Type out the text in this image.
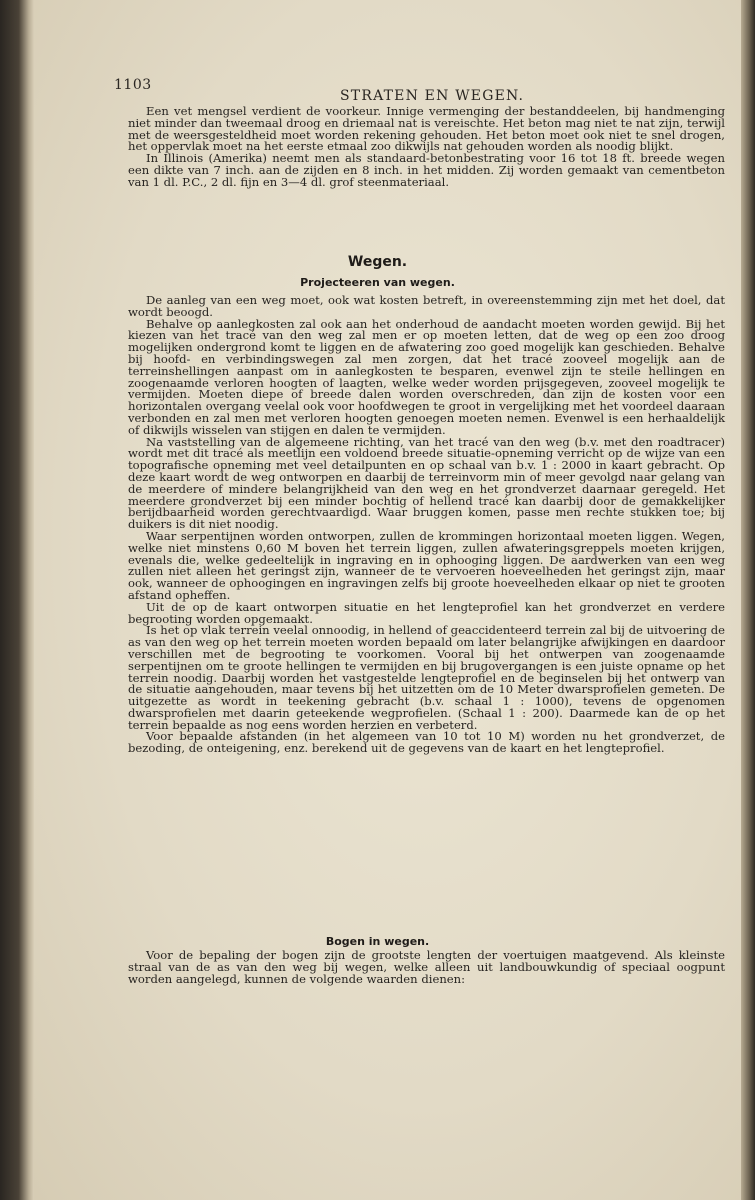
1103
STRATEN EN WEGEN.

Een vet mengsel verdient de voorkeur. Innige vermenging der bestanddeelen, bij handmenging niet minder dan tweemaal droog en driemaal nat is vereischte. Het beton mag niet te nat zijn, terwijl met de weersgesteldheid moet worden rekening gehouden. Het beton moet ook niet te snel drogen, het oppervlak moet na het eerste etmaal zoo dikwijls nat gehouden worden als noodig blijkt.

In Illinois (Amerika) neemt men als standaard-betonbestrating voor 16 tot 18 ft. breede wegen een dikte van 7 inch. aan de zijden en 8 inch. in het midden. Zij worden gemaakt van cementbeton van 1 dl. P.C., 2 dl. fijn en 3—4 dl. grof steenmateriaal.

Wegen.
Projecteeren van wegen.

De aanleg van een weg moet, ook wat kosten betreft, in overeenstemming zijn met het doel, dat wordt beoogd.

Behalve op aanlegkosten zal ook aan het onderhoud de aandacht moeten worden gewijd. Bij het kiezen van het tracé van den weg zal men er op moeten letten, dat de weg op een zoo droog mogelijken ondergrond komt te liggen en de afwatering zoo goed mogelijk kan geschieden. Behalve bij hoofd- en verbindingswegen zal men zorgen, dat het tracé zooveel mogelijk aan de terreinshellingen aanpast om in aanlegkosten te besparen, evenwel zijn te steile hellingen en zoogenaamde verloren hoogten of laagten, welke weder worden prijsgegeven, zooveel mogelijk te vermijden. Moeten diepe of breede dalen worden overschreden, dan zijn de kosten voor een horizontalen overgang veelal ook voor hoofdwegen te groot in vergelijking met het voordeel daaraan verbonden en zal men met verloren hoogten genoegen moeten nemen. Evenwel is een herhaaldelijk of dikwijls wisselen van stijgen en dalen te vermijden.

Na vaststelling van de algemeene richting, van het tracé van den weg (b.v. met den roadtracer) wordt met dit tracé als meetlijn een voldoend breede situatie-opneming verricht op de wijze van een topografische opneming met veel detailpunten en op schaal van b.v. 1 : 2000 in kaart gebracht. Op deze kaart wordt de weg ontworpen en daarbij de terreinvorm min of meer gevolgd naar gelang van de meerdere of mindere belangrijkheid van den weg en het grondverzet daarnaar geregeld. Het meerdere grondverzet bij een minder bochtig of hellend tracé kan daarbij door de gemakkelijker berijdbaarheid worden gerechtvaardigd. Waar bruggen komen, passe men rechte stukken toe; bij duikers is dit niet noodig.

Waar serpentijnen worden ontworpen, zullen de krommingen horizontaal moeten liggen. Wegen, welke niet minstens 0,60 M boven het terrein liggen, zullen afwateringsgreppels moeten krijgen, evenals die, welke gedeeltelijk in ingraving en in ophooging liggen. De aardwerken van een weg zullen niet alleen het geringst zijn, wanneer de te vervoeren hoeveelheden het geringst zijn, maar ook, wanneer de ophoogingen en ingravingen zelfs bij groote hoeveelheden elkaar op niet te grooten afstand opheffen.

Uit de op de kaart ontworpen situatie en het lengteprofiel kan het grondverzet en verdere begrooting worden opgemaakt.

Is het op vlak terrein veelal onnoodig, in hellend of geaccidenteerd terrein zal bij de uitvoering de as van den weg op het terrein moeten worden bepaald om later belangrijke afwijkingen en daardoor verschillen met de begrooting te voorkomen. Vooral bij het ontwerpen van zoogenaamde serpentijnen om te groote hellingen te vermijden en bij brugovergangen is een juiste opname op het terrein noodig. Daarbij worden het vastgestelde lengteprofiel en de beginselen bij het ontwerp van de situatie aangehouden, maar tevens bij het uitzetten om de 10 Meter dwarsprofielen gemeten. De uitgezette as wordt in teekening gebracht (b.v. schaal 1 : 1000), tevens de opgenomen dwarsprofielen met daarin geteekende wegprofielen. (Schaal 1 : 200). Daarmede kan de op het terrein bepaalde as nog eens worden herzien en verbeterd.

Voor bepaalde afstanden (in het algemeen van 10 tot 10 M) worden nu het grondverzet, de bezoding, de onteigening, enz. berekend uit de gegevens van de kaart en het lengteprofiel.

Bogen in wegen.

Voor de bepaling der bogen zijn de grootste lengten der voertuigen maatgevend. Als kleinste straal van de as van den weg bij wegen, welke alleen uit landbouwkundig of speciaal oogpunt worden aangelegd, kunnen de volgende waarden dienen:
